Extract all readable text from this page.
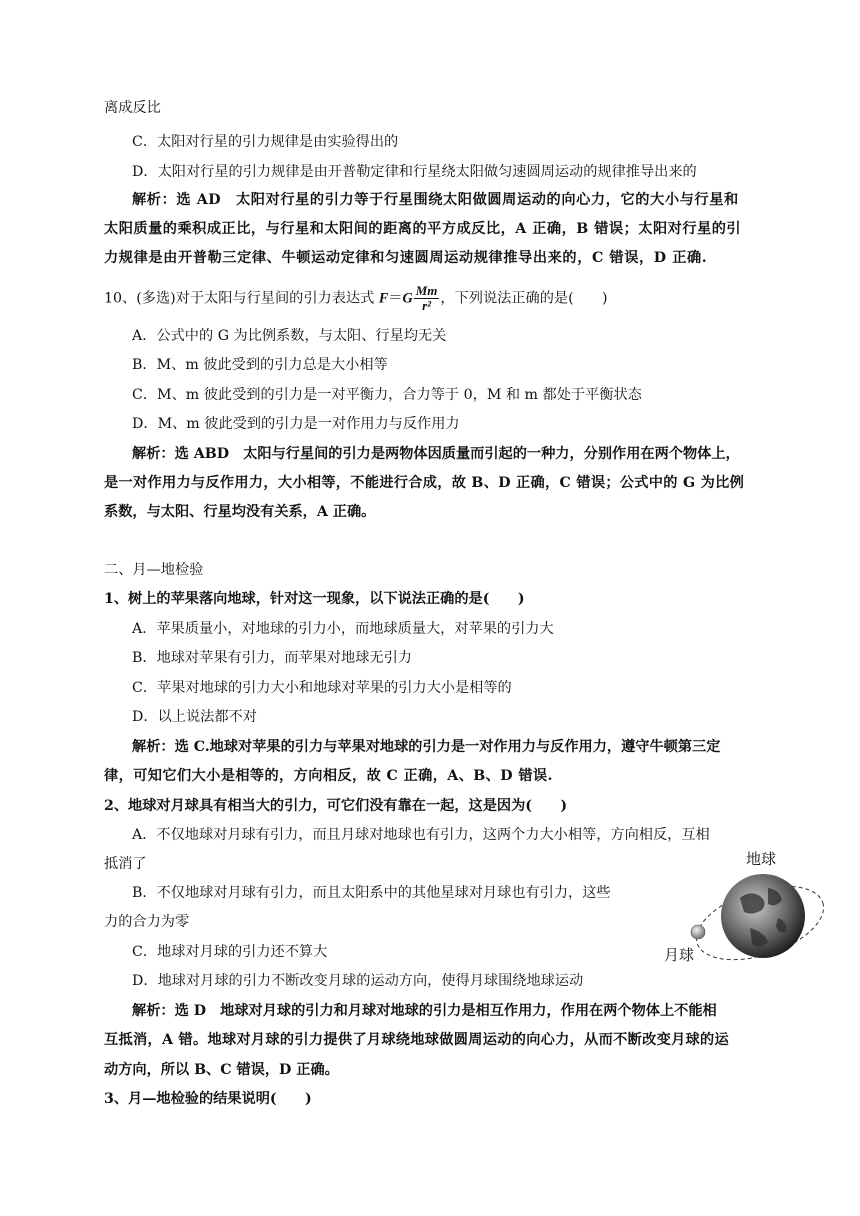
离成反比
C．太阳对行星的引力规律是由实验得出的
D．太阳对行星的引力规律是由开普勒定律和行星绕太阳做匀速圆周运动的规律推导出来的
解析：选 AD　太阳对行星的引力等于行星围绕太阳做圆周运动的向心力，它的大小与行星和
太阳质量的乘积成正比，与行星和太阳间的距离的平方成反比，A 正确，B 错误；太阳对行星的引
力规律是由开普勒三定律、牛顿运动定律和匀速圆周运动规律推导出来的，C 错误，D 正确.
10、(多选)对于太阳与行星间的引力表达式 $F=G \frac{Mm}{\text{r²}}$ ，下列说法正确的是(　　)
A．公式中的 G 为比例系数，与太阳、行星均无关
B．M、m 彼此受到的引力总是大小相等
C．M、m 彼此受到的引力是一对平衡力，合力等于 0，M 和 m 都处于平衡状态
D．M、m 彼此受到的引力是一对作用力与反作用力
解析：选 ABD　太阳与行星间的引力是两物体因质量而引起的一种力，分别作用在两个物体上，
是一对作用力与反作用力，大小相等，不能进行合成，故 B、D 正确，C 错误；公式中的 G 为比例
系数，与太阳、行星均没有关系，A 正确。
二、月—地检验
1、树上的苹果落向地球，针对这一现象，以下说法正确的是(　　)
A．苹果质量小，对地球的引力小，而地球质量大，对苹果的引力大
B．地球对苹果有引力，而苹果对地球无引力
C．苹果对地球的引力大小和地球对苹果的引力大小是相等的
D．以上说法都不对
解析：选 C.地球对苹果的引力与苹果对地球的引力是一对作用力与反作用力，遵守牛顿第三定
律，可知它们大小是相等的，方向相反，故 C 正确，A、B、D 错误.
2、地球对月球具有相当大的引力，可它们没有靠在一起，这是因为(　　)
A．不仅地球对月球有引力，而且月球对地球也有引力，这两个力大小相等，方向相反，互相
抵消了
B．不仅地球对月球有引力，而且太阳系中的其他星球对月球也有引力，这些
力的合力为零
C．地球对月球的引力还不算大
D．地球对月球的引力不断改变月球的运动方向，使得月球围绕地球运动
解析：选 D　地球对月球的引力和月球对地球的引力是相互作用力，作用在两个物体上不能相
互抵消，A 错。地球对月球的引力提供了月球绕地球做圆周运动的向心力，从而不断改变月球的运
动方向，所以 B、C 错误，D 正确。
3、月—地检验的结果说明(　　)
地球
月球
